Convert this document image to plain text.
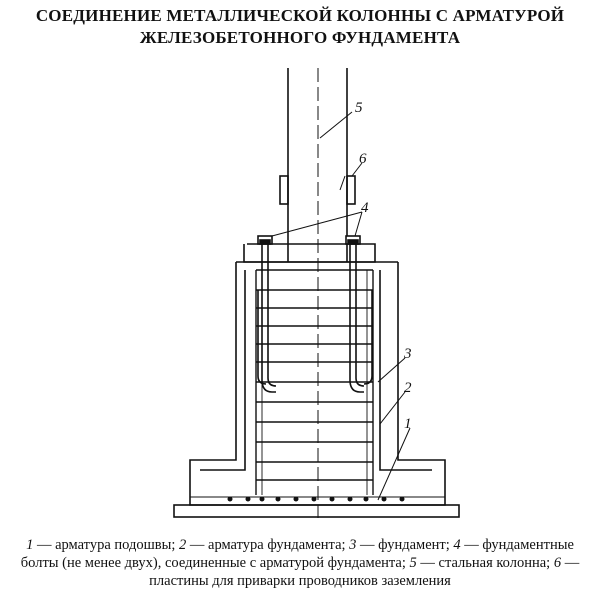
СОЕДИНЕНИЕ МЕТАЛЛИЧЕСКОЙ КОЛОННЫ С АРМАТУРОЙ
ЖЕЛЕЗОБЕТОННОГО ФУНДАМЕНТА
5
6
4
3
2
1
1 — арматура подошвы; 2 — арматура фундамента; 3 — фундамент; 4 — фундаментные болты (не менее двух), соединенные с арматурой фундамента; 5 — стальная колонна; 6 — пластины для приварки проводников заземления
